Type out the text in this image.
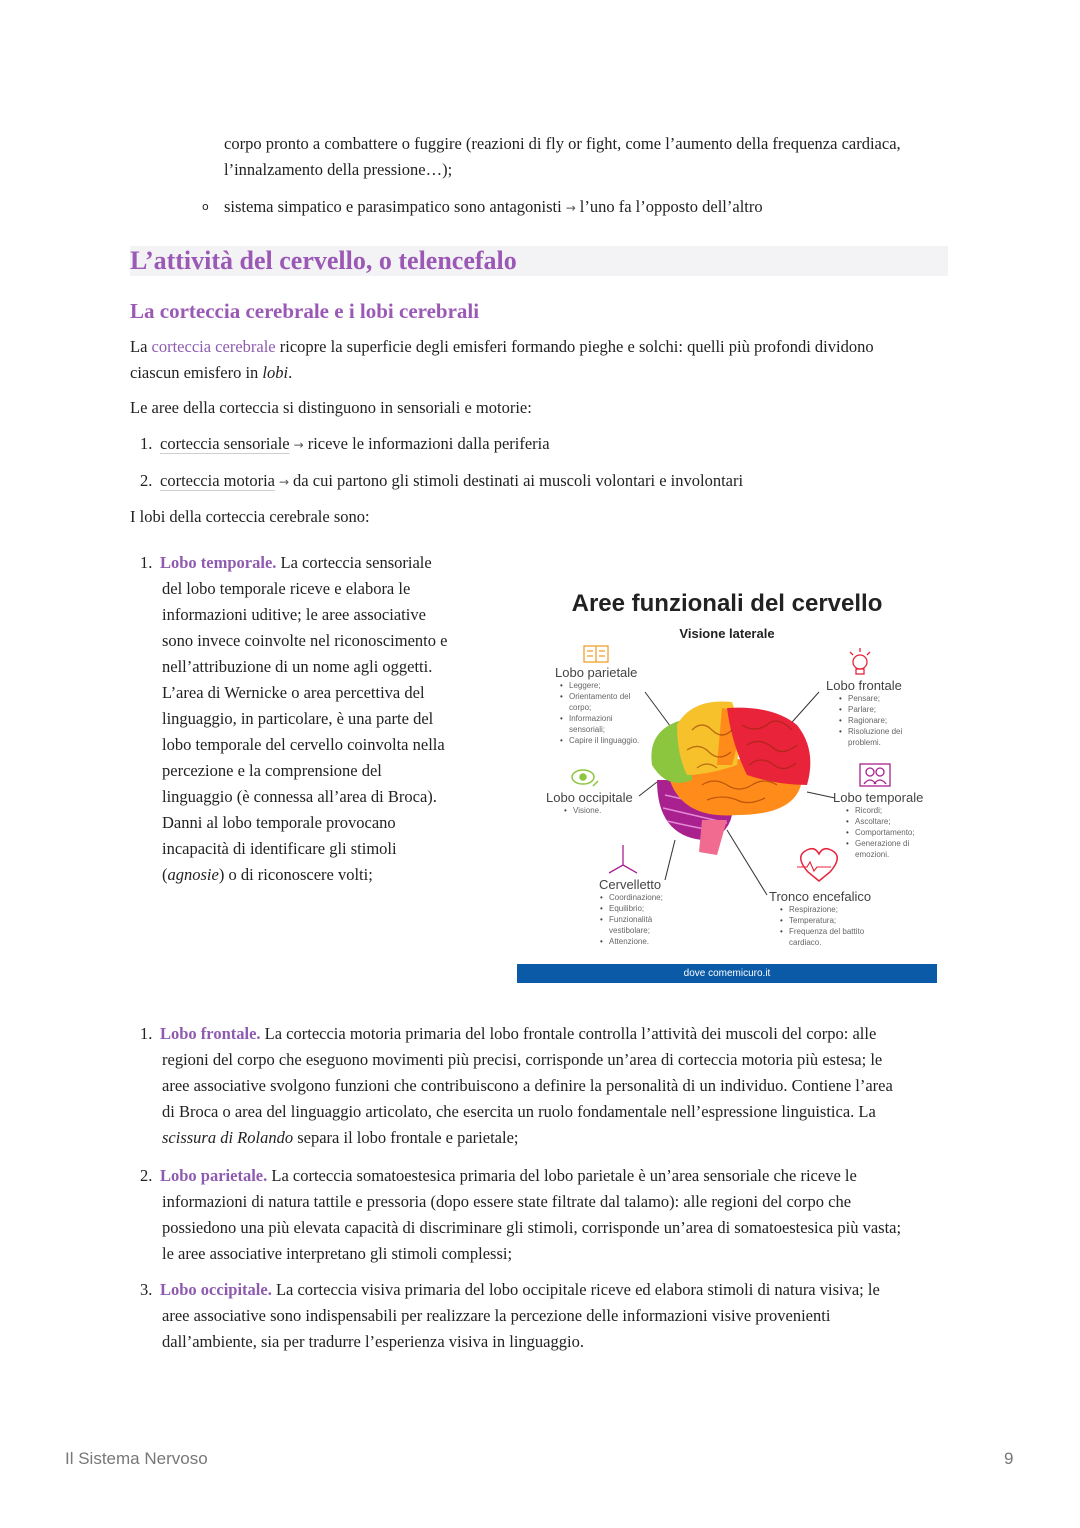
corpo pronto a combattere o fuggire (reazioni di fly or fight, come l’aumento della frequenza cardiaca,
l’innalzamento della pressione…);
o sistema simpatico e parasimpatico sono antagonisti → l’uno fa l’opposto dell’altro
L’attività del cervello, o telencefalo
La corteccia cerebrale e i lobi cerebrali
La corteccia cerebrale ricopre la superficie degli emisferi formando pieghe e solchi: quelli più profondi dividono
ciascun emisfero in lobi.
Le aree della corteccia si distinguono in sensoriali e motorie:
1. corteccia sensoriale → riceve le informazioni dalla periferia
2. corteccia motoria → da cui partono gli stimoli destinati ai muscoli volontari e involontari
I lobi della corteccia cerebrale sono:
1. Lobo temporale. La corteccia sensoriale
del lobo temporale riceve e elabora le
informazioni uditive; le aree associative
sono invece coinvolte nel riconoscimento e
nell’attribuzione di un nome agli oggetti.
L’area di Wernicke o area percettiva del
linguaggio, in particolare, è una parte del
lobo temporale del cervello coinvolta nella
percezione e la comprensione del
linguaggio (è connessa all’area di Broca).
Danni al lobo temporale provocano
incapacità di identificare gli stimoli
(agnosie) o di riconoscere volti;
Aree funzionali del cervello
Visione laterale
Lobo parietale
• Leggere;
• Orientamento del
corpo;
• Informazioni
sensoriali;
• Capire il linguaggio.
Lobo frontale
• Pensare;
• Parlare;
• Ragionare;
• Risoluzione dei
problemi.
Lobo occipitale
• Visione.
Lobo temporale
• Ricordi;
• Ascoltare;
• Comportamento;
• Generazione di
emozioni.
Cervelletto
• Coordinazione;
• Equilibrio;
• Funzionalità
vestibolare;
• Attenzione.
Tronco encefalico
• Respirazione;
• Temperatura;
• Frequenza del battito
cardiaco.
dove comemicuro.it
1. Lobo frontale. La corteccia motoria primaria del lobo frontale controlla l’attività dei muscoli del corpo: alle
regioni del corpo che eseguono movimenti più precisi, corrisponde un’area di corteccia motoria più estesa; le
aree associative svolgono funzioni che contribuiscono a definire la personalità di un individuo. Contiene l’area
di Broca o area del linguaggio articolato, che esercita un ruolo fondamentale nell’espressione linguistica. La
scissura di Rolando separa il lobo frontale e parietale;
2. Lobo parietale. La corteccia somatoestesica primaria del lobo parietale è un’area sensoriale che riceve le
informazioni di natura tattile e pressoria (dopo essere state filtrate dal talamo): alle regioni del corpo che
possiedono una più elevata capacità di discriminare gli stimoli, corrisponde un’area di somatoestesica più vasta;
le aree associative interpretano gli stimoli complessi;
3. Lobo occipitale. La corteccia visiva primaria del lobo occipitale riceve ed elabora stimoli di natura visiva; le
aree associative sono indispensabili per realizzare la percezione delle informazioni visive provenienti
dall’ambiente, sia per tradurre l’esperienza visiva in linguaggio.
Il Sistema Nervoso	9
